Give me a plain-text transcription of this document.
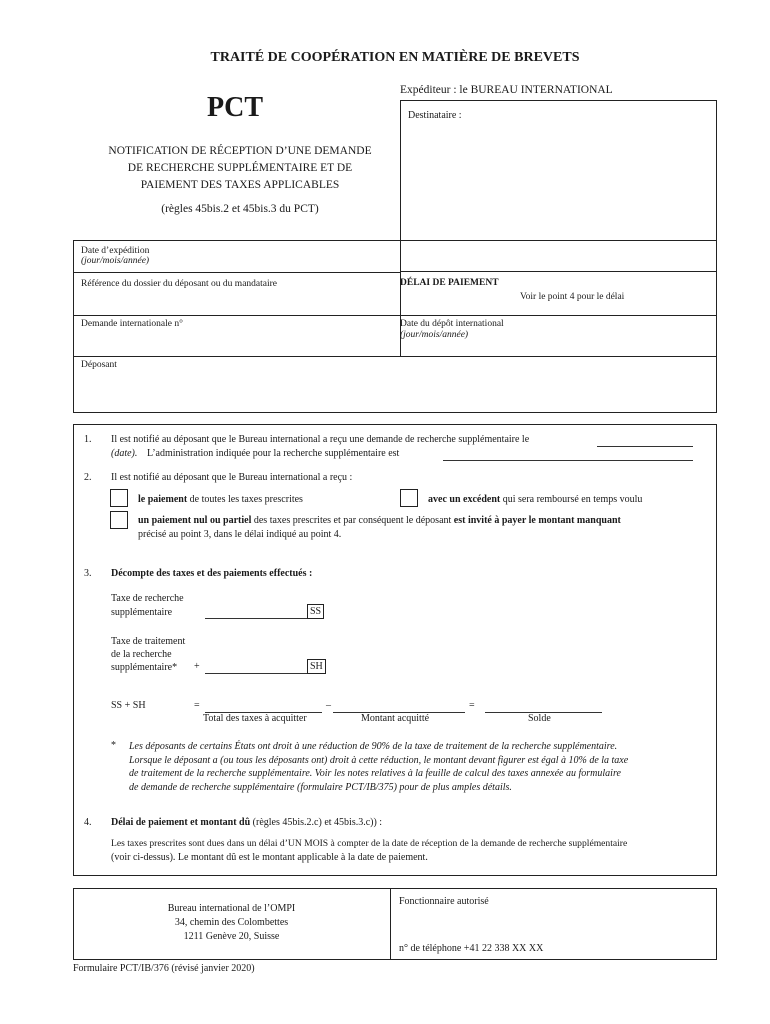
TRAITÉ DE COOPÉRATION EN MATIÈRE DE BREVETS
PCT
NOTIFICATION DE RÉCEPTION D’UNE DEMANDE
DE RECHERCHE SUPPLÉMENTAIRE ET DE
PAIEMENT DES TAXES APPLICABLES
(règles 45bis.2 et 45bis.3 du PCT)
Expéditeur : le BUREAU INTERNATIONAL
Destinataire :
Date d’expédition
(jour/mois/année)
Référence du dossier du déposant ou du mandataire	DÉLAI DE PAIEMENT
Voir le point 4 pour le délai
Demande internationale n°	Date du dépôt international
(jour/mois/année)
Déposant
1. Il est notifié au déposant que le Bureau international a reçu une demande de recherche supplémentaire le
(date). L’administration indiquée pour la recherche supplémentaire est
2. Il est notifié au déposant que le Bureau international a reçu :
le paiement de toutes les taxes prescrites	avec un excédent qui sera remboursé en temps voulu
un paiement nul ou partiel des taxes prescrites et par conséquent le déposant est invité à payer le montant manquant
précisé au point 3, dans le délai indiqué au point 4.
3. Décompte des taxes et des paiements effectués :
Taxe de recherche
supplémentaire	SS
Taxe de traitement
de la recherche
supplémentaire*	+	SH
SS + SH	=	–	=
Total des taxes à acquitter	Montant acquitté	Solde
* Les déposants de certains États ont droit à une réduction de 90% de la taxe de traitement de la recherche supplémentaire.
Lorsque le déposant a (ou tous les déposants ont) droit à cette réduction, le montant devant figurer est égal à 10% de la taxe
de traitement de la recherche supplémentaire. Voir les notes relatives à la feuille de calcul des taxes annexée au formulaire
de demande de recherche supplémentaire (formulaire PCT/IB/375) pour de plus amples détails.
4. Délai de paiement et montant dû (règles 45bis.2.c) et 45bis.3.c)) :
Les taxes prescrites sont dues dans un délai d’UN MOIS à compter de la date de réception de la demande de recherche supplémentaire
(voir ci-dessus). Le montant dû est le montant applicable à la date de paiement.
Bureau international de l’OMPI
34, chemin des Colombettes
1211 Genève 20, Suisse
Fonctionnaire autorisé
n° de téléphone +41 22 338 XX XX
Formulaire PCT/IB/376 (révisé janvier 2020)
